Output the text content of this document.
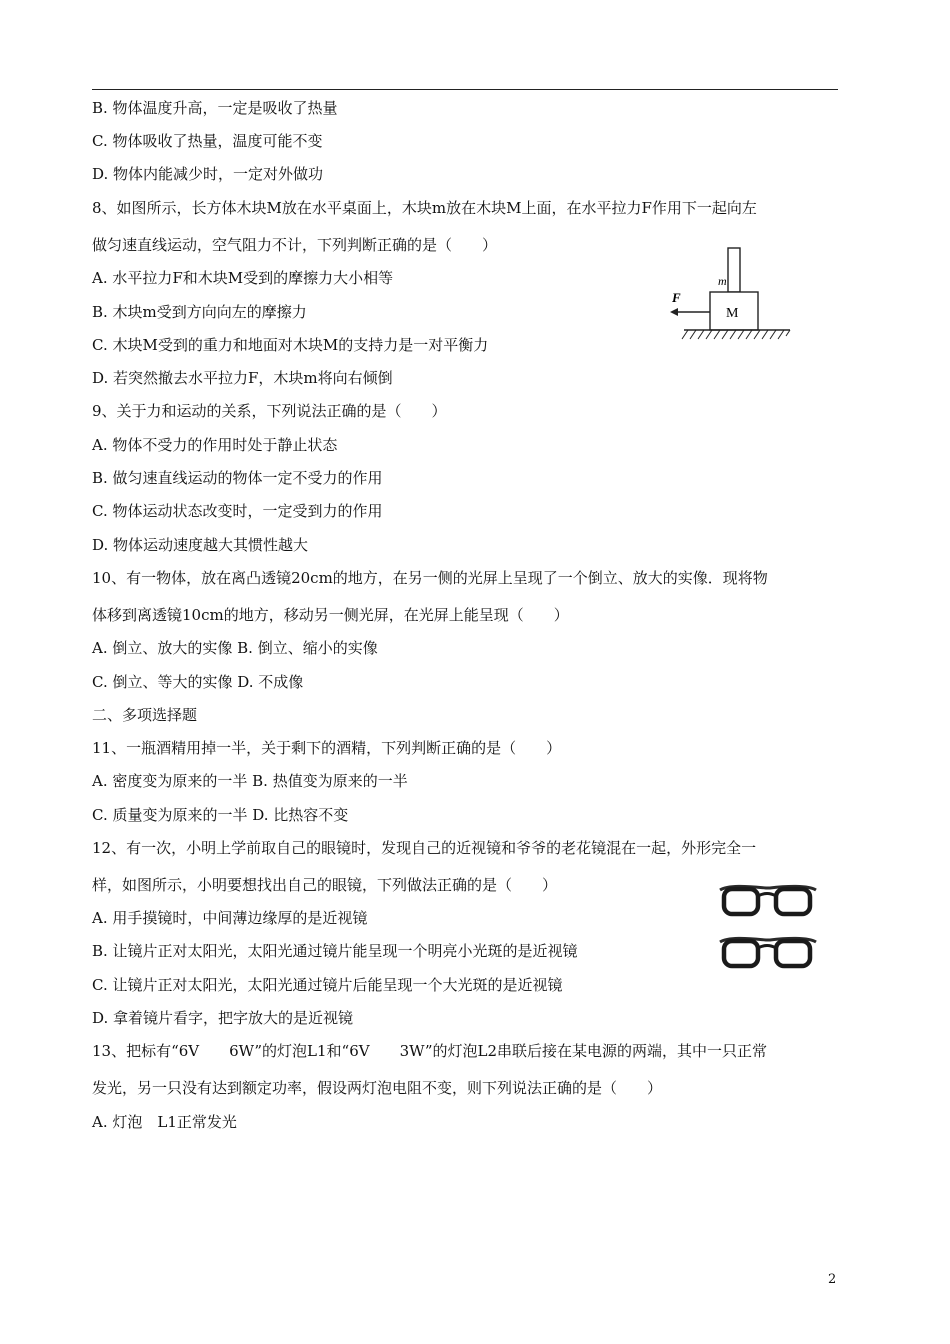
B. 物体温度升高，一定是吸收了热量
C. 物体吸收了热量，温度可能不变
D. 物体内能减少时，一定对外做功
8、如图所示，长方体木块M放在水平桌面上，木块m放在木块M上面，在水平拉力F作用下一起向左
做匀速直线运动，空气阻力不计，下列判断正确的是（　　）
A. 水平拉力F和木块M受到的摩擦力大小相等
B. 木块m受到方向向左的摩擦力
C. 木块M受到的重力和地面对木块M的支持力是一对平衡力
D. 若突然撤去水平拉力F，木块m将向右倾倒
9、关于力和运动的关系，下列说法正确的是（　　）
A. 物体不受力的作用时处于静止状态
B. 做匀速直线运动的物体一定不受力的作用
C. 物体运动状态改变时，一定受到力的作用
D. 物体运动速度越大其惯性越大
10、有一物体，放在离凸透镜20cm的地方，在另一侧的光屏上呈现了一个倒立、放大的实像．现将物
体移到离透镜10cm的地方，移动另一侧光屏，在光屏上能呈现（　　）
A. 倒立、放大的实像 B. 倒立、缩小的实像
C. 倒立、等大的实像 D. 不成像
二、多项选择题
11、一瓶酒精用掉一半，关于剩下的酒精，下列判断正确的是（　　）
A. 密度变为原来的一半 B. 热值变为原来的一半
C. 质量变为原来的一半 D. 比热容不变
12、有一次，小明上学前取自己的眼镜时，发现自己的近视镜和爷爷的老花镜混在一起，外形完全一
样，如图所示，小明要想找出自己的眼镜，下列做法正确的是（　　）
A. 用手摸镜时，中间薄边缘厚的是近视镜
B. 让镜片正对太阳光，太阳光通过镜片能呈现一个明亮小光斑的是近视镜
C. 让镜片正对太阳光，太阳光通过镜片后能呈现一个大光斑的是近视镜
D. 拿着镜片看字，把字放大的是近视镜
13、把标有“6V　　6W”的灯泡L1和“6V　　3W”的灯泡L2串联后接在某电源的两端，其中一只正常
发光，另一只没有达到额定功率，假设两灯泡电阻不变，则下列说法正确的是（　　）
A. 灯泡　L1正常发光
m
M
F
2
